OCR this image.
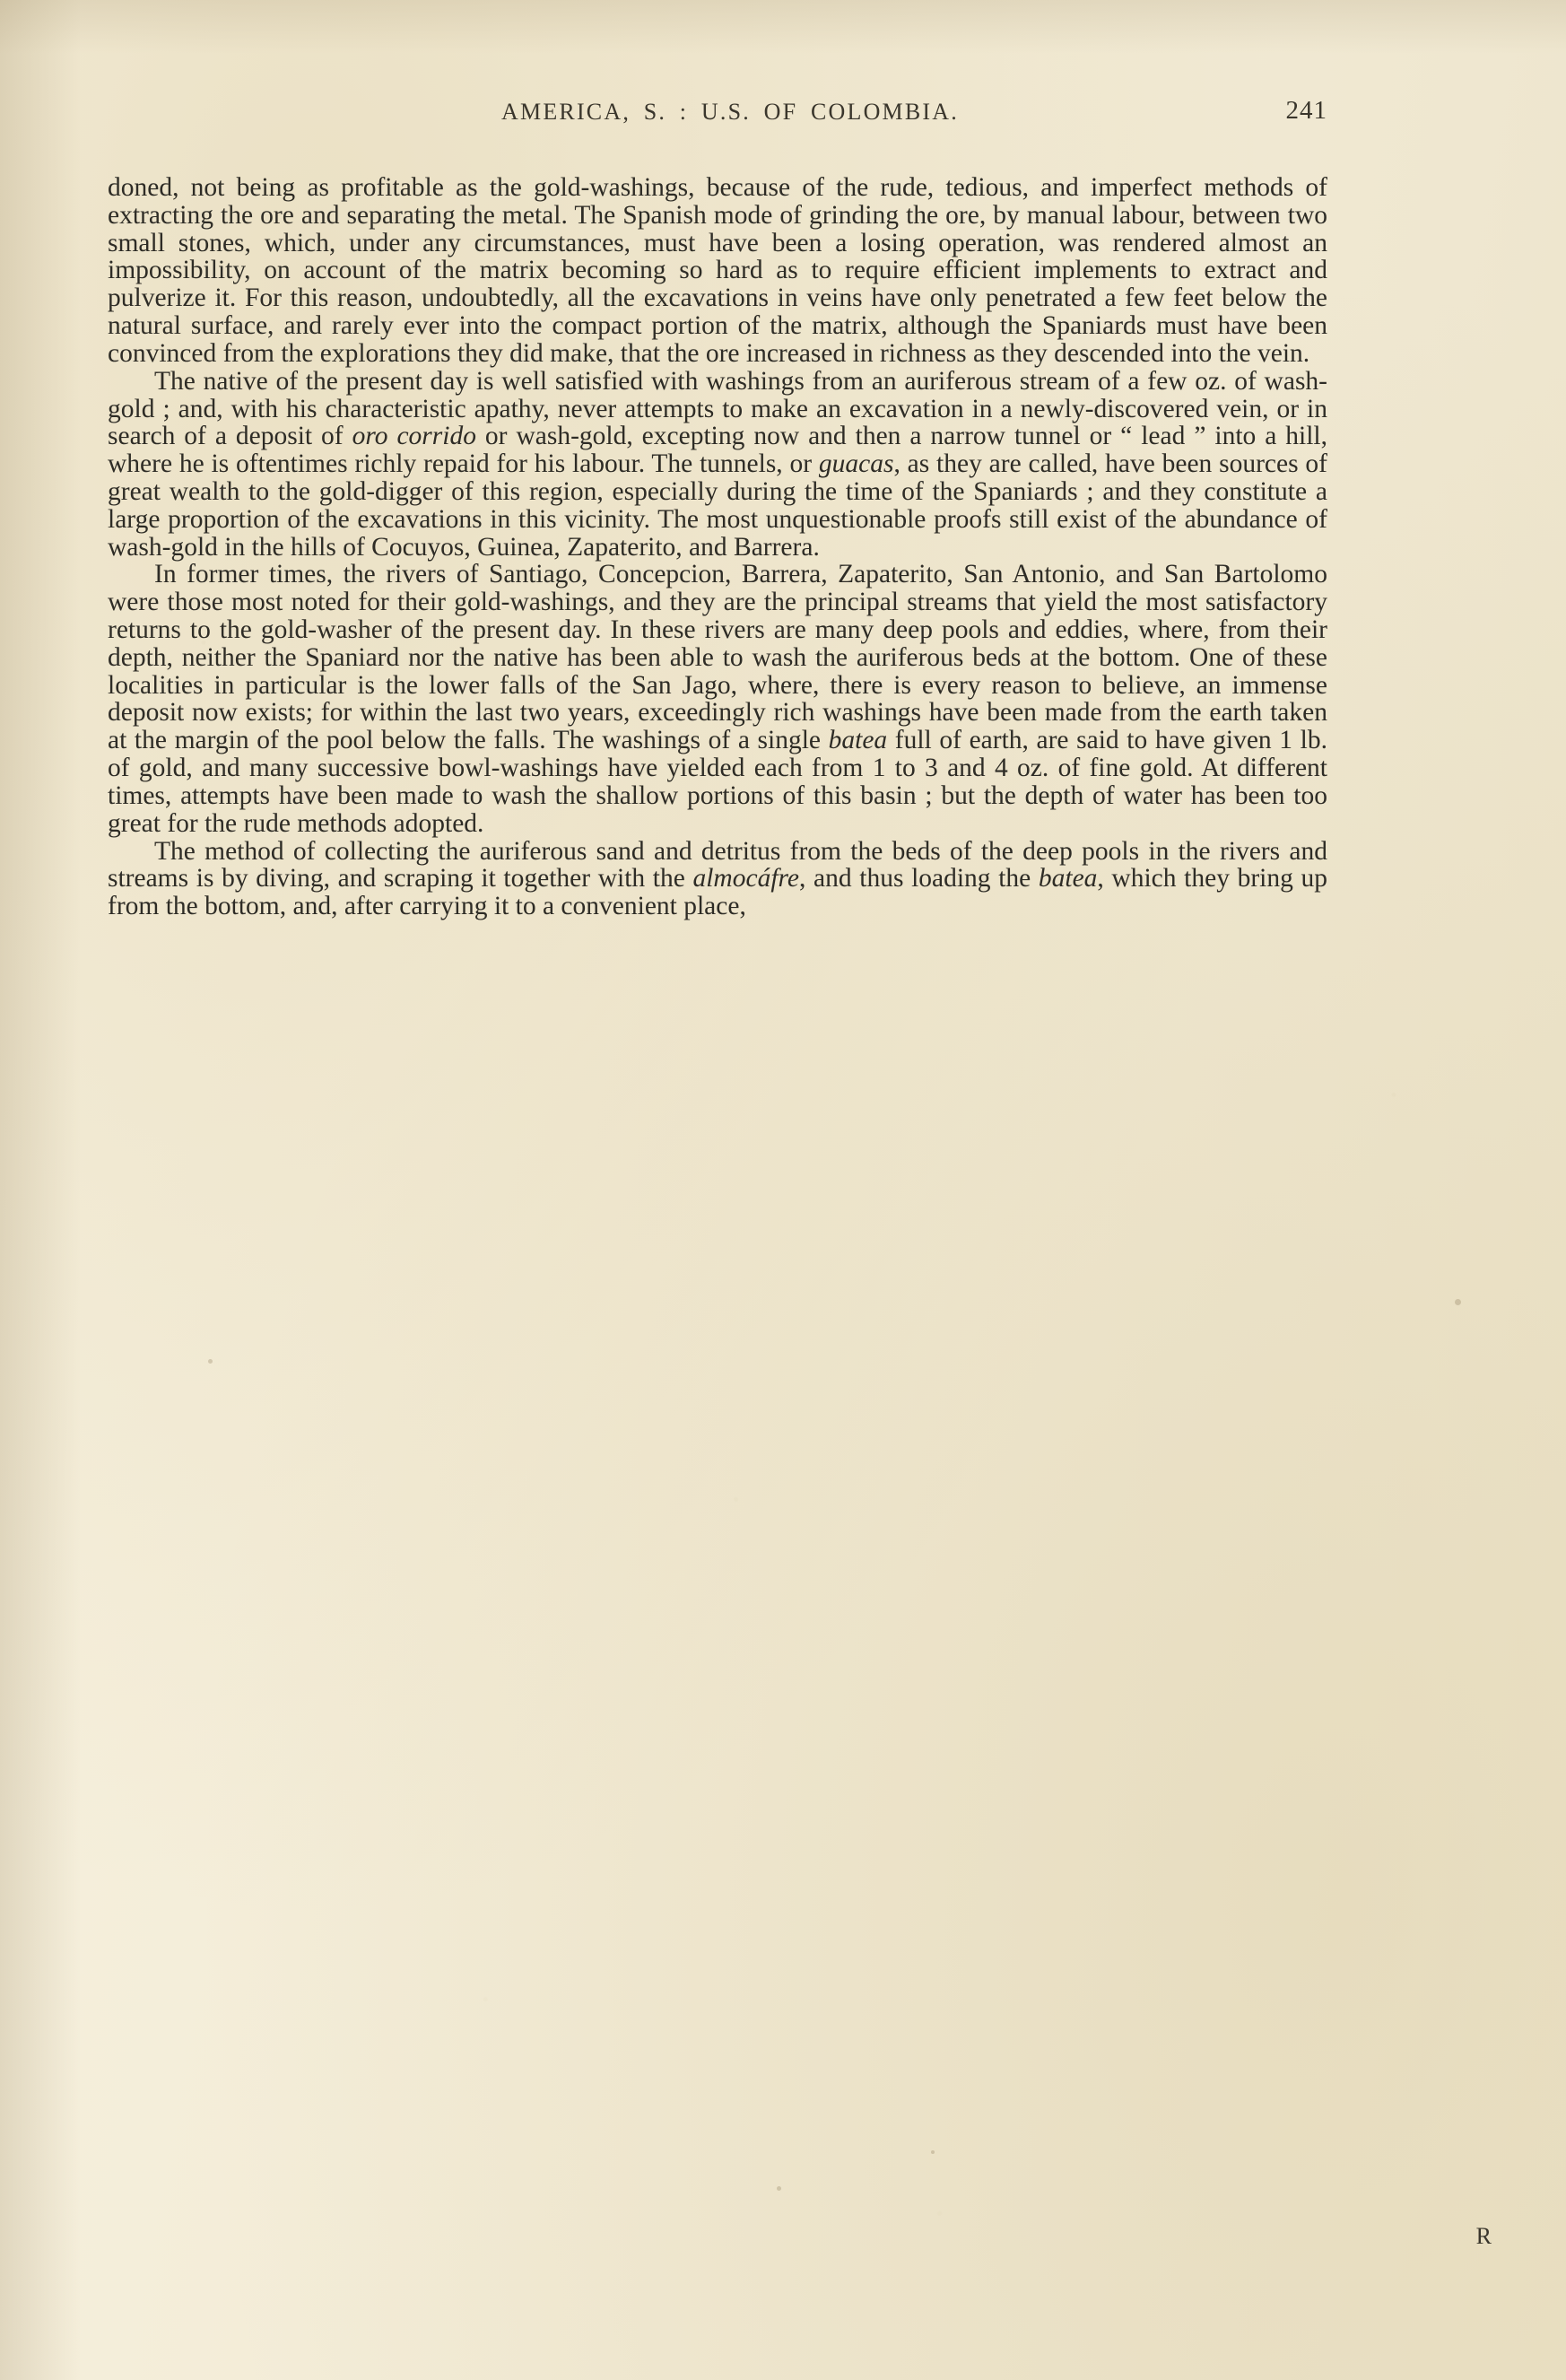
AMERICA, S. : U.S. OF COLOMBIA.	241

doned, not being as profitable as the gold-washings, because of the rude, tedious, and imperfect methods of extracting the ore and separating the metal. The Spanish mode of grinding the ore, by manual labour, between two small stones, which, under any circumstances, must have been a losing operation, was rendered almost an impossibility, on account of the matrix becoming so hard as to require efficient implements to extract and pulverize it. For this reason, undoubtedly, all the excavations in veins have only penetrated a few feet below the natural surface, and rarely ever into the compact portion of the matrix, although the Spaniards must have been convinced from the explorations they did make, that the ore increased in richness as they descended into the vein.

The native of the present day is well satisfied with washings from an auriferous stream of a few oz. of wash-gold ; and, with his characteristic apathy, never attempts to make an excavation in a newly-discovered vein, or in search of a deposit of oro corrido or wash-gold, excepting now and then a narrow tunnel or “ lead ” into a hill, where he is oftentimes richly repaid for his labour. The tunnels, or guacas, as they are called, have been sources of great wealth to the gold-digger of this region, especially during the time of the Spaniards ; and they constitute a large proportion of the excavations in this vicinity. The most unquestionable proofs still exist of the abundance of wash-gold in the hills of Cocuyos, Guinea, Zapaterito, and Barrera.

In former times, the rivers of Santiago, Concepcion, Barrera, Zapaterito, San Antonio, and San Bartolomo were those most noted for their gold-washings, and they are the principal streams that yield the most satisfactory returns to the gold-washer of the present day. In these rivers are many deep pools and eddies, where, from their depth, neither the Spaniard nor the native has been able to wash the auriferous beds at the bottom. One of these localities in particular is the lower falls of the San Jago, where, there is every reason to believe, an immense deposit now exists; for within the last two years, exceedingly rich washings have been made from the earth taken at the margin of the pool below the falls. The washings of a single batea full of earth, are said to have given 1 lb. of gold, and many successive bowl-washings have yielded each from 1 to 3 and 4 oz. of fine gold. At different times, attempts have been made to wash the shallow portions of this basin ; but the depth of water has been too great for the rude methods adopted.

The method of collecting the auriferous sand and detritus from the beds of the deep pools in the rivers and streams is by diving, and scraping it together with the almocáfre, and thus loading the batea, which they bring up from the bottom, and, after carrying it to a convenient place,

R
